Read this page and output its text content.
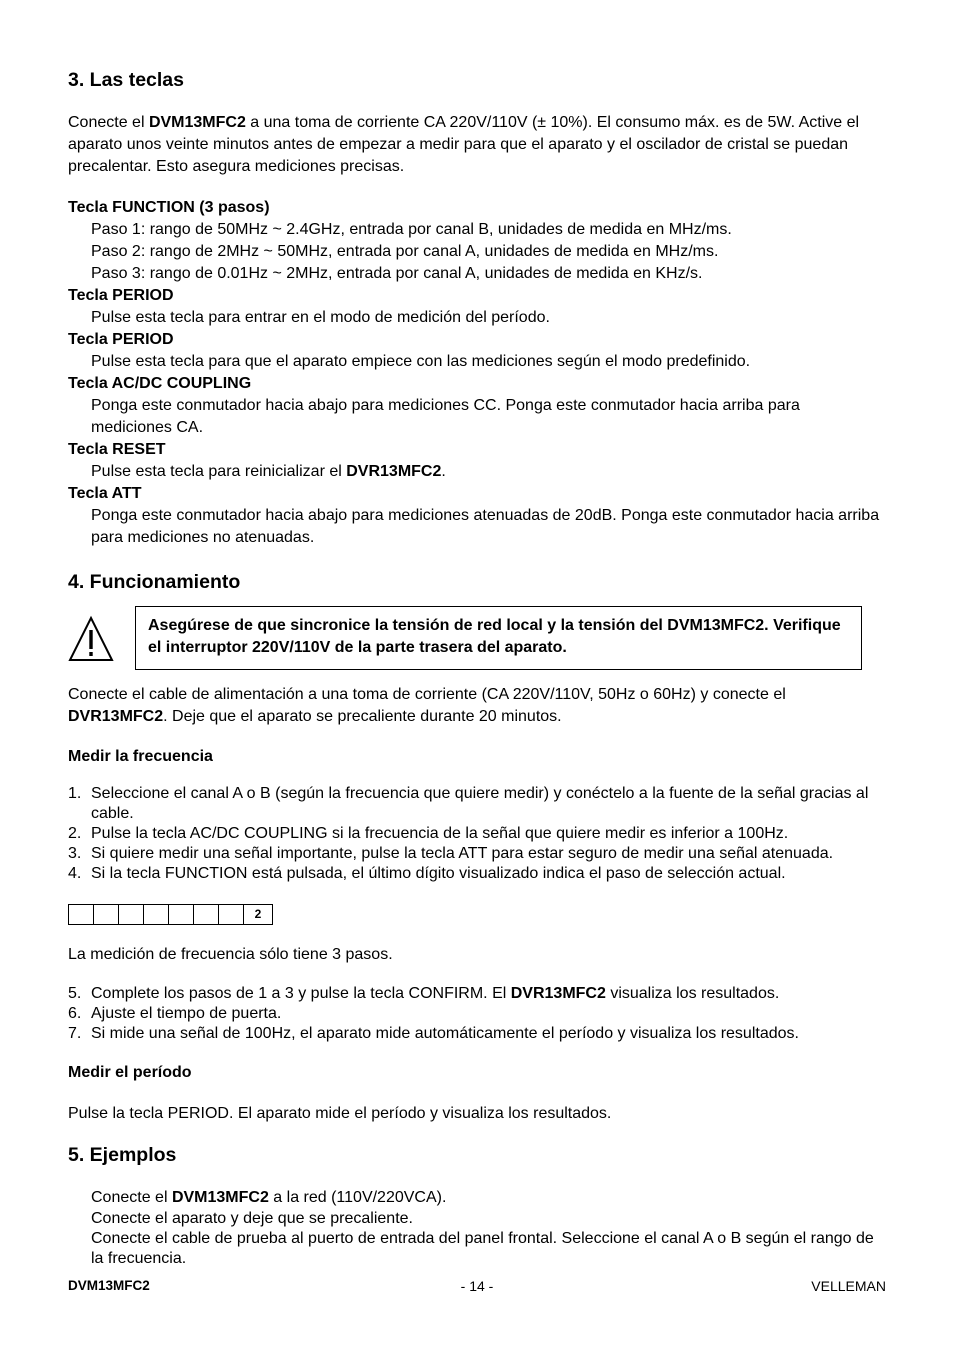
3. Las teclas

Conecte el DVM13MFC2 a una toma de corriente CA 220V/110V (± 10%). El consumo máx. es de 5W. Active el aparato unos veinte minutos antes de empezar a medir para que el aparato y el oscilador de cristal se puedan precalentar. Esto asegura mediciones precisas.

Tecla FUNCTION (3 pasos)
Paso 1: rango de 50MHz ~ 2.4GHz, entrada por canal B, unidades de medida en MHz/ms.
Paso 2: rango de 2MHz ~ 50MHz, entrada por canal A, unidades de medida en MHz/ms.
Paso 3: rango de 0.01Hz ~ 2MHz, entrada por canal A, unidades de medida en KHz/s.
Tecla PERIOD
Pulse esta tecla para entrar en el modo de medición del período.
Tecla PERIOD
Pulse esta tecla para que el aparato empiece con las mediciones según el modo predefinido.
Tecla AC/DC COUPLING
Ponga este conmutador hacia abajo para mediciones CC. Ponga este conmutador hacia arriba para mediciones CA.
Tecla RESET
Pulse esta tecla para reinicializar el DVR13MFC2.
Tecla ATT
Ponga este conmutador hacia abajo para mediciones atenuadas de 20dB. Ponga este conmutador hacia arriba para mediciones no atenuadas.
4. Funcionamiento
Asegúrese de que sincronice la tensión de red local y la tensión del DVM13MFC2. Verifique el interruptor 220V/110V de la parte trasera del aparato.

Conecte el cable de alimentación a una toma de corriente (CA 220V/110V, 50Hz o 60Hz) y conecte el DVR13MFC2. Deje que el aparato se precaliente durante 20 minutos.

Medir la frecuencia
1. Seleccione el canal A o B (según la frecuencia que quiere medir) y conéctelo a la fuente de la señal gracias al cable.
2. Pulse la tecla AC/DC COUPLING si la frecuencia de la señal que quiere medir es inferior a 100Hz.
3. Si quiere medir una señal importante, pulse la tecla ATT para estar seguro de medir una señal atenuada.
4. Si la tecla FUNCTION está pulsada, el último dígito visualizado indica el paso de selección actual.
2

La medición de frecuencia sólo tiene 3 pasos.

5. Complete los pasos de 1 a 3 y pulse la tecla CONFIRM. El DVR13MFC2 visualiza los resultados.
6. Ajuste el tiempo de puerta.
7. Si mide una señal de 100Hz, el aparato mide automáticamente el período y visualiza los resultados.
Medir el período

Pulse la tecla PERIOD. El aparato mide el período y visualiza los resultados.

5. Ejemplos
Conecte el DVM13MFC2 a la red (110V/220VCA).
Conecte el aparato y deje que se precaliente.
Conecte el cable de prueba al puerto de entrada del panel frontal. Seleccione el canal A o B según el rango de la frecuencia.
DVM13MFC2	- 14 -	VELLEMAN
